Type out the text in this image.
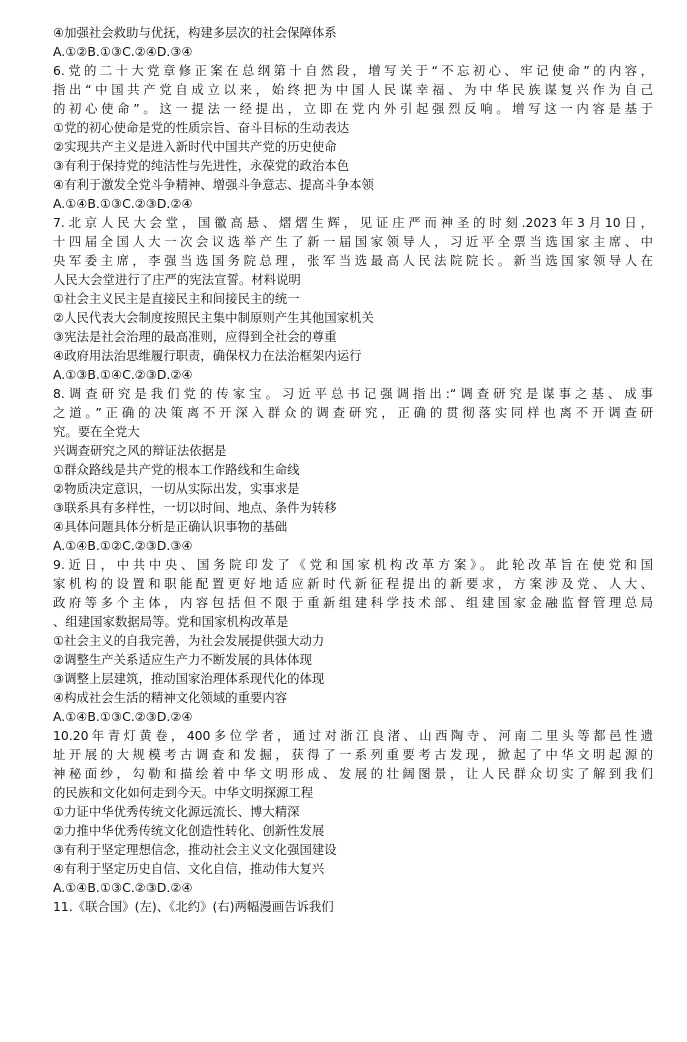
④加强社会救助与优抚，构建多层次的社会保障体系
A.①②B.①③C.②④D.③④
6.党的二十大党章修正案在总纲第十自然段，增写关于“不忘初心、牢记使命”的内容，
指出“中国共产党自成立以来，始终把为中国人民谋幸福、为中华民族谋复兴作为自己
的初心使命”。这一提法一经提出，立即在党内外引起强烈反响。增写这一内容是基于
①党的初心使命是党的性质宗旨、奋斗目标的生动表达
②实现共产主义是进入新时代中国共产党的历史使命
③有利于保持党的纯洁性与先进性，永葆党的政治本色
④有利于激发全党斗争精神、增强斗争意志、提高斗争本领
A.①④B.①③C.②③D.②④
7.北京人民大会堂，国徽高悬、熠熠生辉，见证庄严而神圣的时刻.2023年3月10日，
十四届全国人大一次会议选举产生了新一届国家领导人，习近平全票当选国家主席、中
央军委主席，李强当选国务院总理，张军当选最高人民法院院长。新当选国家领导人在
人民大会堂进行了庄严的宪法宣誓。材料说明
①社会主义民主是直接民主和间接民主的统一
②人民代表大会制度按照民主集中制原则产生其他国家机关
③宪法是社会治理的最高准则，应得到全社会的尊重
④政府用法治思维履行职责，确保权力在法治框架内运行
A.①③B.①④C.②③D.②④
8.调查研究是我们党的传家宝。习近平总书记强调指出:“调查研究是谋事之基、成事
之道。”正确的决策离不开深入群众的调查研究，正确的贯彻落实同样也离不开调查研
究。要在全党大
兴调查研究之风的辩证法依据是
①群众路线是共产党的根本工作路线和生命线
②物质决定意识，一切从实际出发，实事求是
③联系具有多样性，一切以时间、地点、条件为转移
④具体问题具体分析是正确认识事物的基础
A.①④B.①②C.②③D.③④
9.近日，中共中央、国务院印发了《党和国家机构改革方案》。此轮改革旨在使党和国
家机构的设置和职能配置更好地适应新时代新征程提出的新要求，方案涉及党、人大、
政府等多个主体，内容包括但不限于重新组建科学技术部、组建国家金融监督管理总局
、组建国家数据局等。党和国家机构改革是
①社会主义的自我完善，为社会发展提供强大动力
②调整生产关系适应生产力不断发展的具体体现
③调整上层建筑，推动国家治理体系现代化的体现
④构成社会生活的精神文化领域的重要内容
A.①④B.①③C.②③D.②④
10.20年青灯黄卷，400多位学者，通过对浙江良渚、山西陶寺、河南二里头等都邑性遗
址开展的大规模考古调查和发掘，获得了一系列重要考古发现，掀起了中华文明起源的
神秘面纱，勾勒和描绘着中华文明形成、发展的壮阔图景，让人民群众切实了解到我们
的民族和文化如何走到今天。中华文明探源工程
①力证中华优秀传统文化源远流长、博大精深
②力推中华优秀传统文化创造性转化、创新性发展
③有利于坚定理想信念，推动社会主义文化强国建设
④有利于坚定历史自信、文化自信，推动伟大复兴
A.①④B.①③C.②③D.②④
11.《联合国》(左)、《北约》(右)两幅漫画告诉我们
